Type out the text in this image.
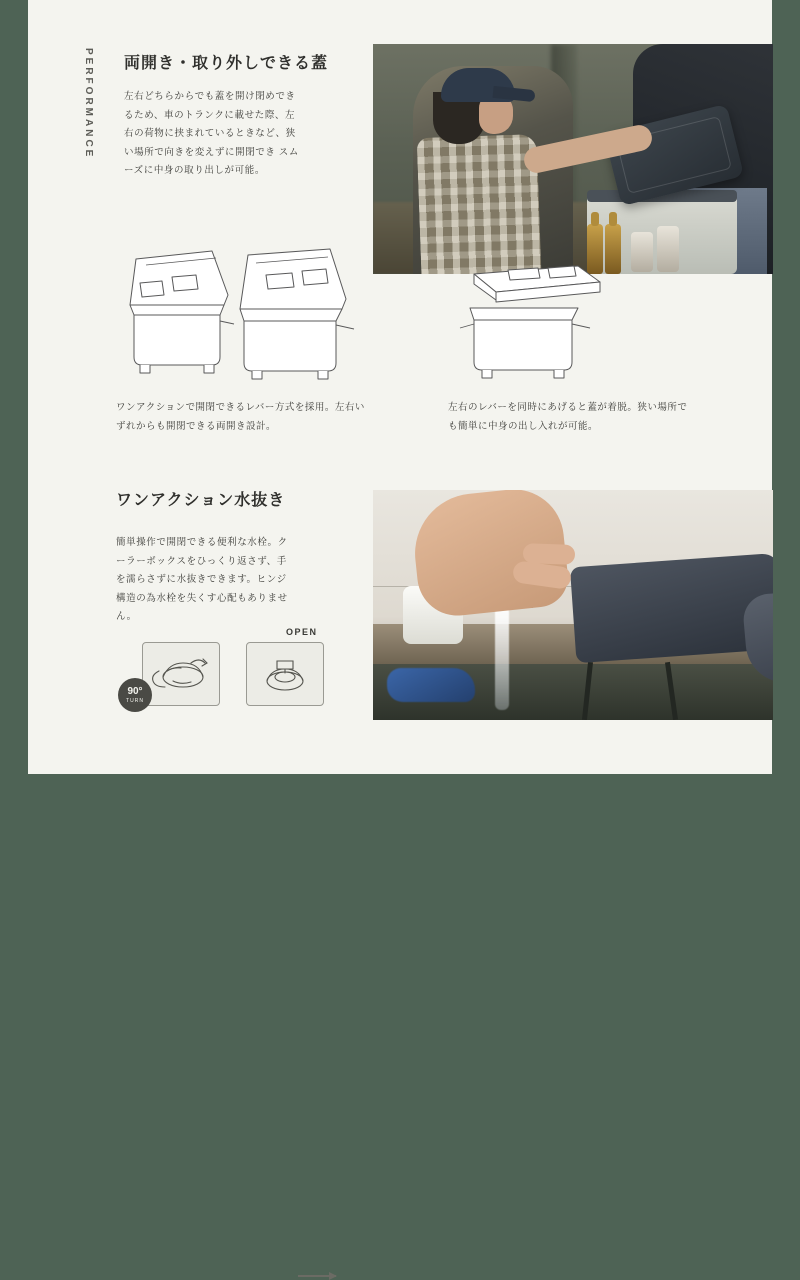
PERFORMANCE 両開き・取り外しできる蓋
左右どちらからでも蓋を開け閉めできるため、車のトランクに載せた際、左右の荷物に挟まれているときなど、狭い場所で向きを変えずに開閉でき スムーズに中身の取り出しが可能。
ワンアクションで開閉できるレバー方式を採用。左右いずれからも開閉できる両開き設計。
左右のレバーを同時にあげると蓋が着脱。狭い場所でも簡単に中身の出し入れが可能。
ワンアクション水抜き
簡単操作で開閉できる便利な水栓。クーラーボックスをひっくり返さず、手を濡らさずに水抜きできます。ヒンジ構造の為水栓を失くす心配もありません。
OPEN
90°
TURN
